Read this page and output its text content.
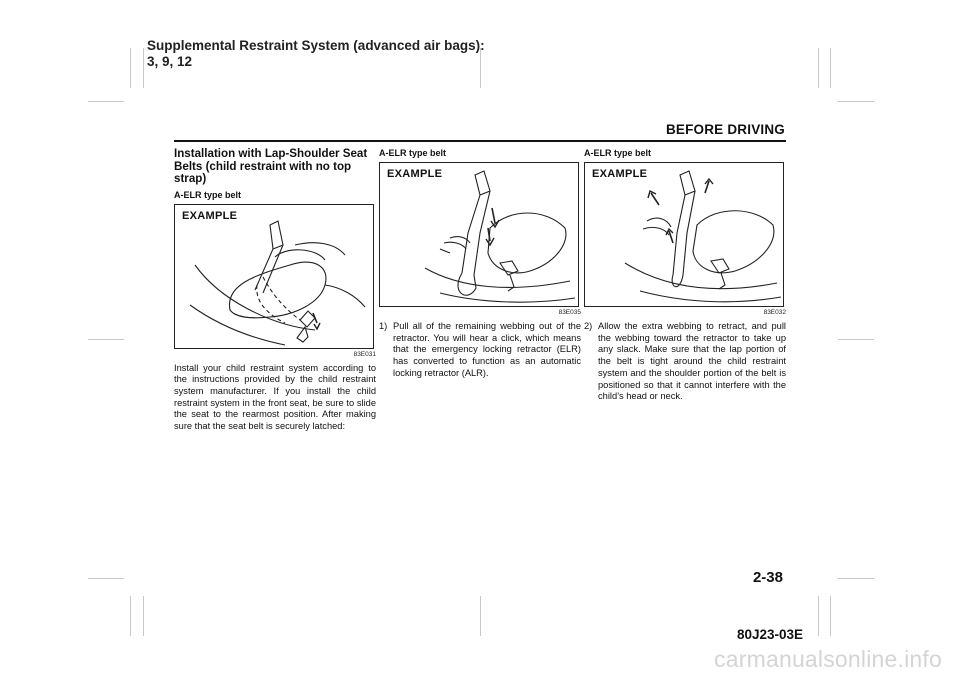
Supplemental Restraint System (advanced air bags):
3, 9, 12
BEFORE DRIVING
Installation with Lap-Shoulder Seat Belts (child restraint with no top strap)
A-ELR type belt
EXAMPLE
83E031

Install your child restraint system according to the instructions provided by the child restraint system manufacturer. If you install the child restraint system in the front seat, be sure to slide the seat to the rearmost position. After making sure that the seat belt is securely latched:

A-ELR type belt
EXAMPLE
83E035
1) Pull all of the remaining webbing out of the retractor. You will hear a click, which means that the emergency locking retractor (ELR) has converted to function as an automatic locking retractor (ALR).
A-ELR type belt
EXAMPLE
83E032
2) Allow the extra webbing to retract, and pull the webbing toward the retractor to take up any slack. Make sure that the lap portion of the belt is tight around the child restraint system and the shoulder portion of the belt is positioned so that it cannot interfere with the child’s head or neck.
2-38
80J23-03E
carmanualsonline.info
